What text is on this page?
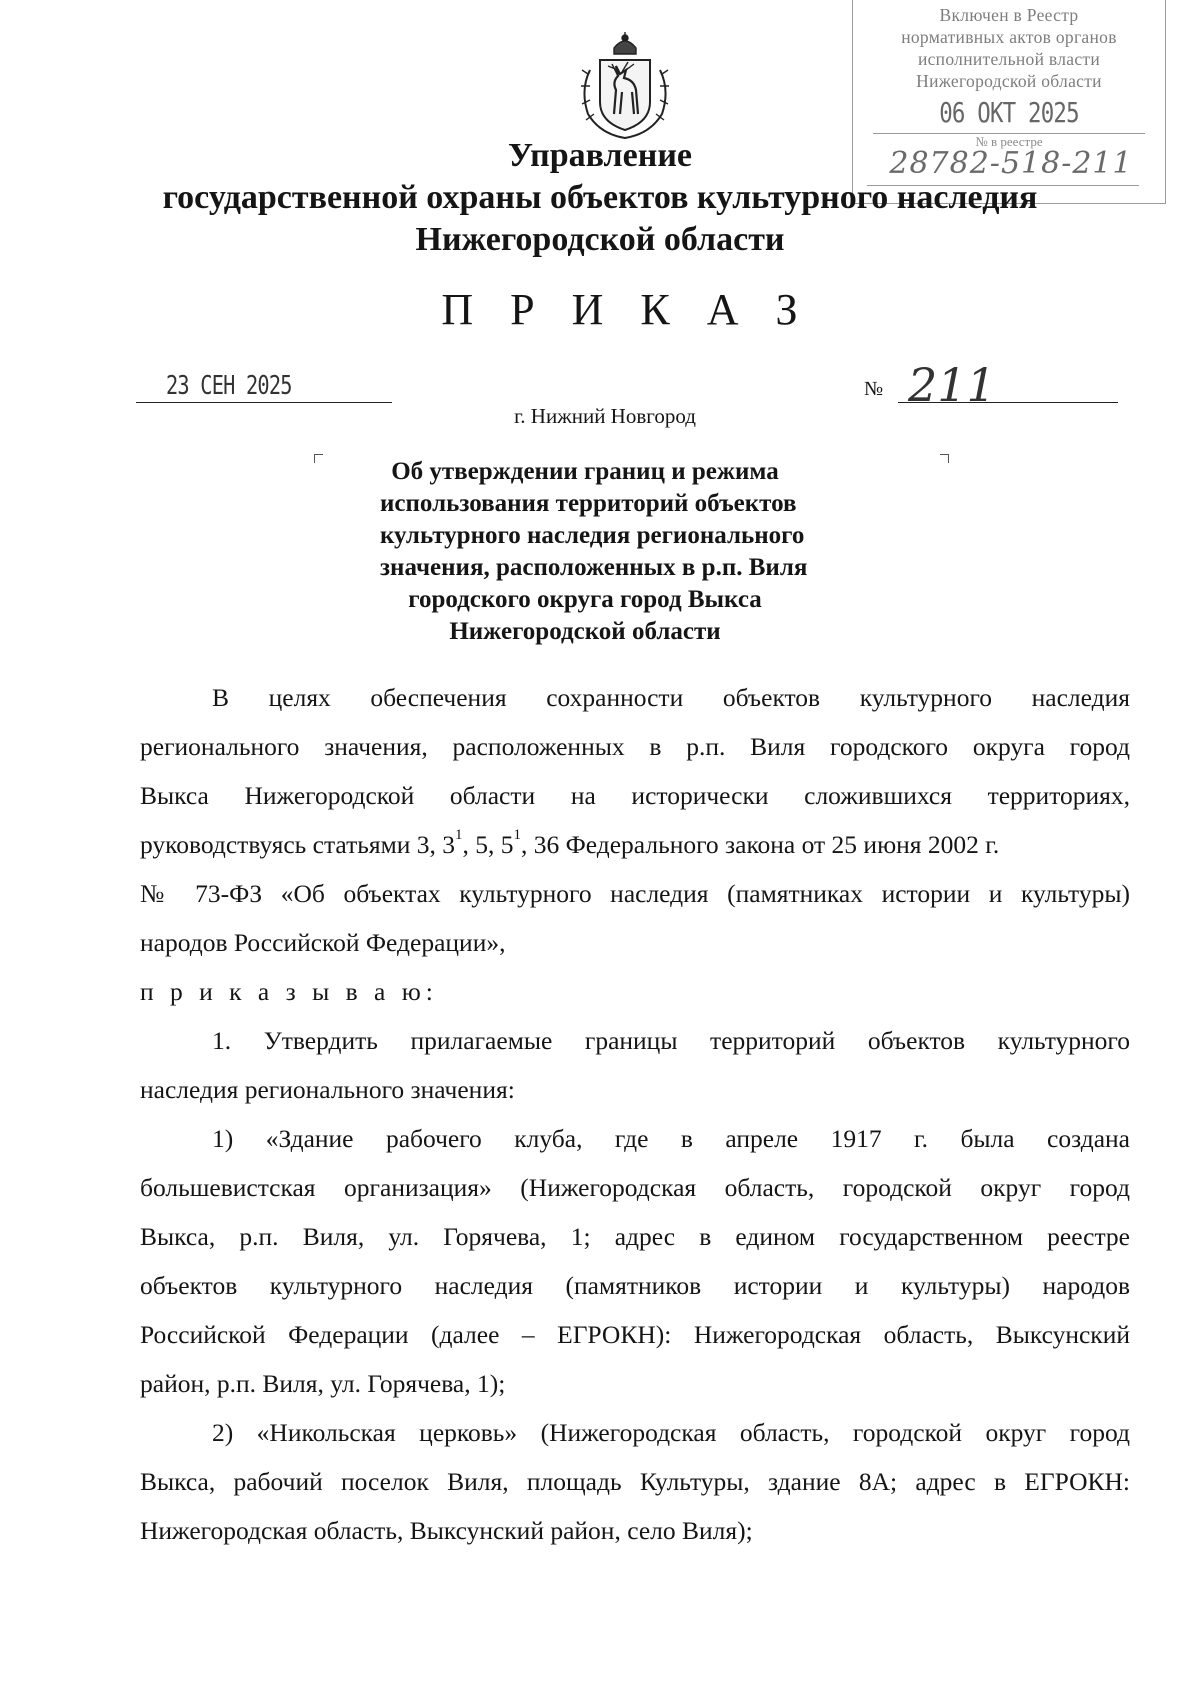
Включен в Реестр
нормативных актов органов
исполнительной власти
Нижегородской области
06 ОКТ 2025
№ в реестре
28782-518-211
Управление
государственной охраны объектов культурного наследия
Нижегородской области
П Р И К А З
23 СЕН 2025	№ 211
г. Нижний Новгород
Об утверждении границ и режима
использования территорий объектов
культурного наследия регионального
значения, расположенных в р.п. Виля
городского округа город Выкса
Нижегородской области
В целях обеспечения сохранности объектов культурного наследия
регионального значения, расположенных в р.п. Виля городского округа город
Выкса Нижегородской области на исторически сложившихся территориях,
руководствуясь статьями 3, $3^1$, 5, $5^1$, 36 Федерального закона от 25 июня 2002 г.
№ 73-ФЗ «Об объектах культурного наследия (памятниках истории и культуры)
народов Российской Федерации»,
п р и к а з ы в а ю:
1. Утвердить прилагаемые границы территорий объектов культурного
наследия регионального значения:
1) «Здание рабочего клуба, где в апреле 1917 г. была создана
большевистская организация» (Нижегородская область, городской округ город
Выкса, р.п. Виля, ул. Горячева, 1; адрес в едином государственном реестре
объектов культурного наследия (памятников истории и культуры) народов
Российской Федерации (далее – ЕГРОКН): Нижегородская область, Выксунский
район, р.п. Виля, ул. Горячева, 1);
2) «Никольская церковь» (Нижегородская область, городской округ город
Выкса, рабочий поселок Виля, площадь Культуры, здание 8А; адрес в ЕГРОКН:
Нижегородская область, Выксунский район, село Виля);
